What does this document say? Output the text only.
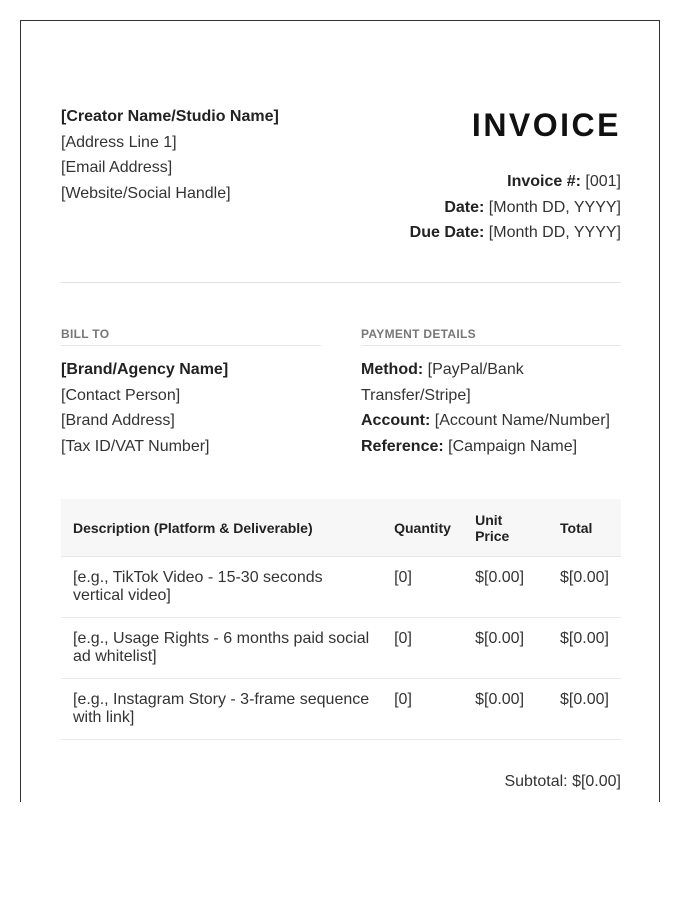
[Creator Name/Studio Name]
[Address Line 1]
[Email Address]
[Website/Social Handle]
INVOICE
Invoice #: [001]
Date: [Month DD, YYYY]
Due Date: [Month DD, YYYY]
BILL TO
[Brand/Agency Name]
[Contact Person]
[Brand Address]
[Tax ID/VAT Number]
PAYMENT DETAILS
Method: [PayPal/Bank Transfer/Stripe]
Account: [Account Name/Number]
Reference: [Campaign Name]
Description (Platform & Deliverable)	Quantity	Unit Price	Total
[e.g., TikTok Video - 15-30 seconds vertical video]	[0]	$[0.00]	$[0.00]
[e.g., Usage Rights - 6 months paid social ad whitelist]	[0]	$[0.00]	$[0.00]
[e.g., Instagram Story - 3-frame sequence with link]	[0]	$[0.00]	$[0.00]
Subtotal: $[0.00]
